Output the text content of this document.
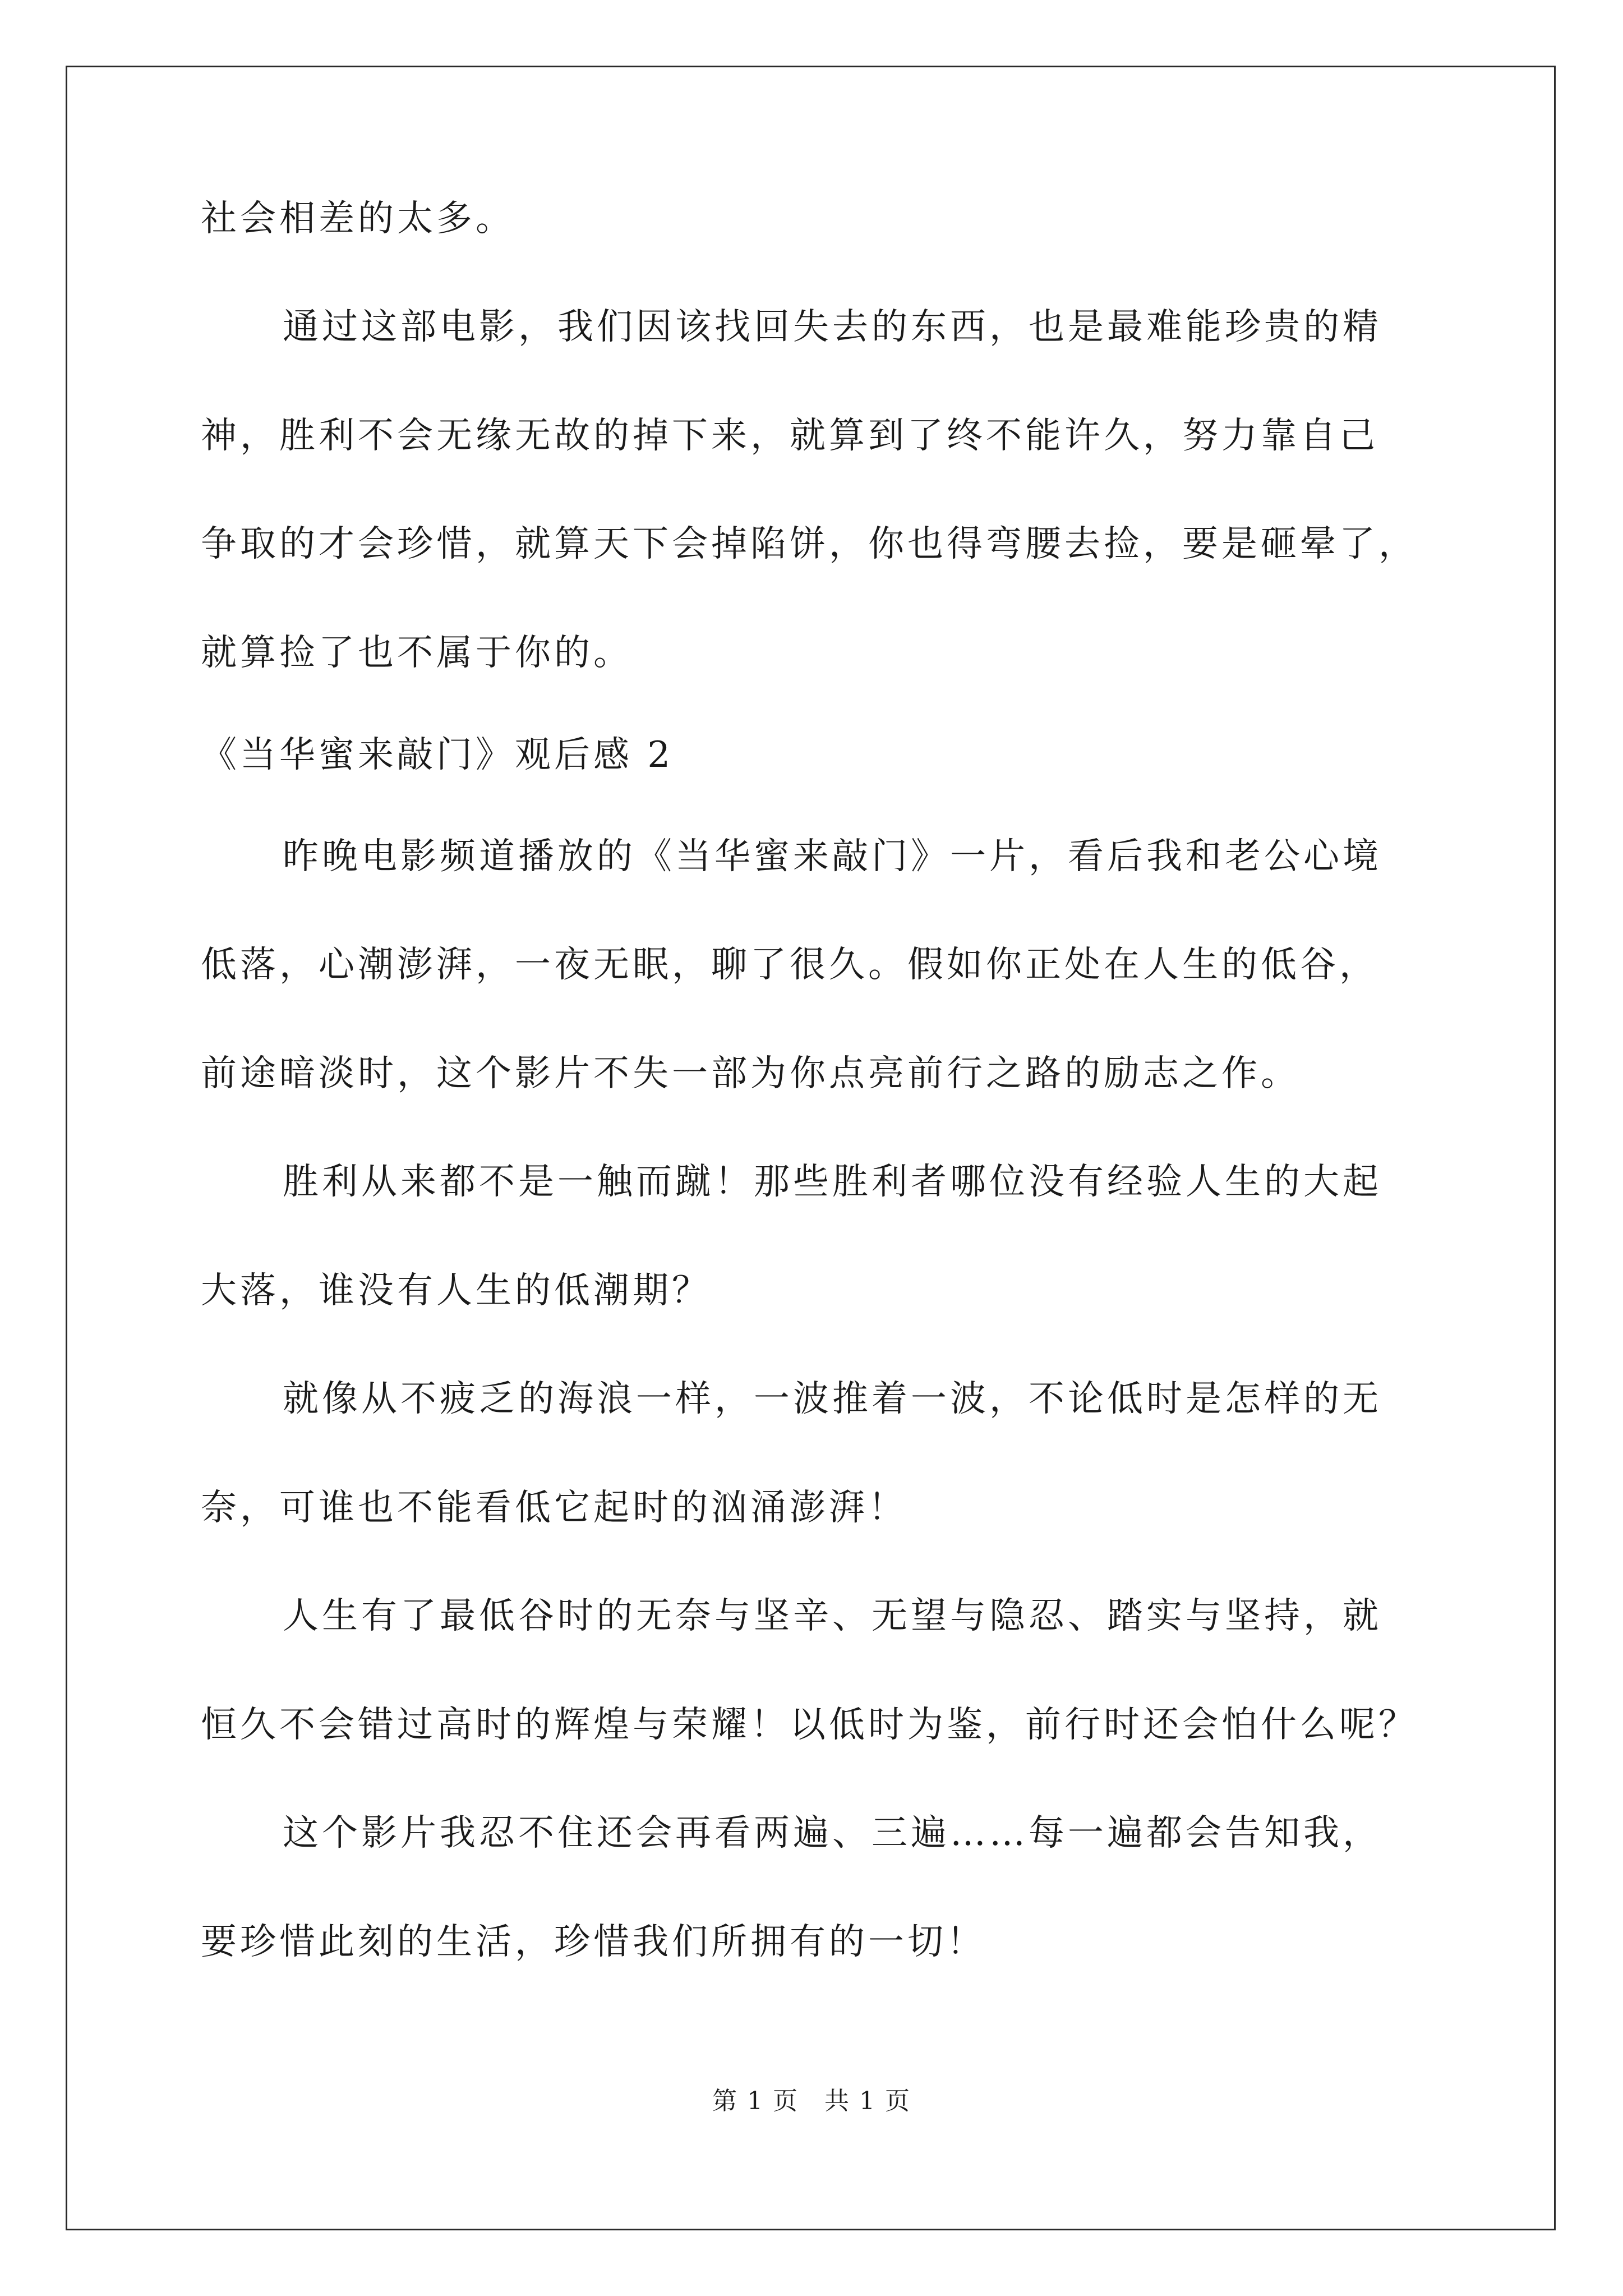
社会相差的太多。
通过这部电影，我们因该找回失去的东西，也是最难能珍贵的精
神，胜利不会无缘无故的掉下来，就算到了终不能许久，努力靠自己
争取的才会珍惜，就算天下会掉陷饼，你也得弯腰去捡，要是砸晕了，
就算捡了也不属于你的。
《当华蜜来敲门》观后感 2
昨晚电影频道播放的《当华蜜来敲门》一片，看后我和老公心境
低落，心潮澎湃，一夜无眠，聊了很久。假如你正处在人生的低谷，
前途暗淡时，这个影片不失一部为你点亮前行之路的励志之作。
胜利从来都不是一触而蹴！那些胜利者哪位没有经验人生的大起
大落，谁没有人生的低潮期？
就像从不疲乏的海浪一样，一波推着一波，不论低时是怎样的无
奈，可谁也不能看低它起时的汹涌澎湃！
人生有了最低谷时的无奈与坚辛、无望与隐忍、踏实与坚持，就
恒久不会错过高时的辉煌与荣耀！以低时为鉴，前行时还会怕什么呢？
这个影片我忍不住还会再看两遍、三遍……每一遍都会告知我，
要珍惜此刻的生活，珍惜我们所拥有的一切！
第 1 页　共 1 页
